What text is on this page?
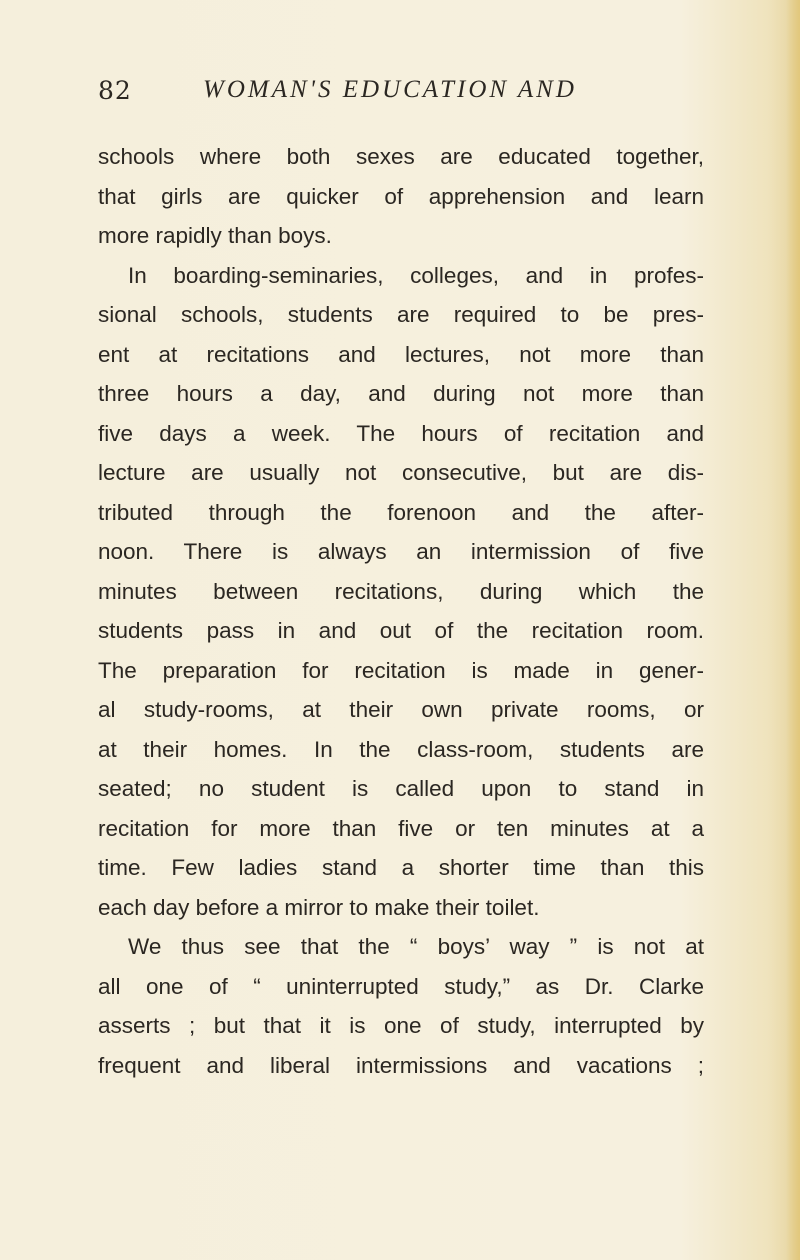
82	WOMAN'S EDUCATION AND
schools where both sexes are educated together,
that girls are quicker of apprehension and learn
more rapidly than boys.
In boarding-seminaries, colleges, and in profes-
sional schools, students are required to be pres-
ent at recitations and lectures, not more than
three hours a day, and during not more than
five days a week. The hours of recitation and
lecture are usually not consecutive, but are dis-
tributed through the forenoon and the after-
noon. There is always an intermission of five
minutes between recitations, during which the
students pass in and out of the recitation room.
The preparation for recitation is made in gener-
al study-rooms, at their own private rooms, or
at their homes. In the class-room, students are
seated; no student is called upon to stand in
recitation for more than five or ten minutes at a
time. Few ladies stand a shorter time than this
each day before a mirror to make their toilet.
We thus see that the “ boys’ way ” is not at
all one of “ uninterrupted study,” as Dr. Clarke
asserts ; but that it is one of study, interrupted by
frequent and liberal intermissions and vacations ;
